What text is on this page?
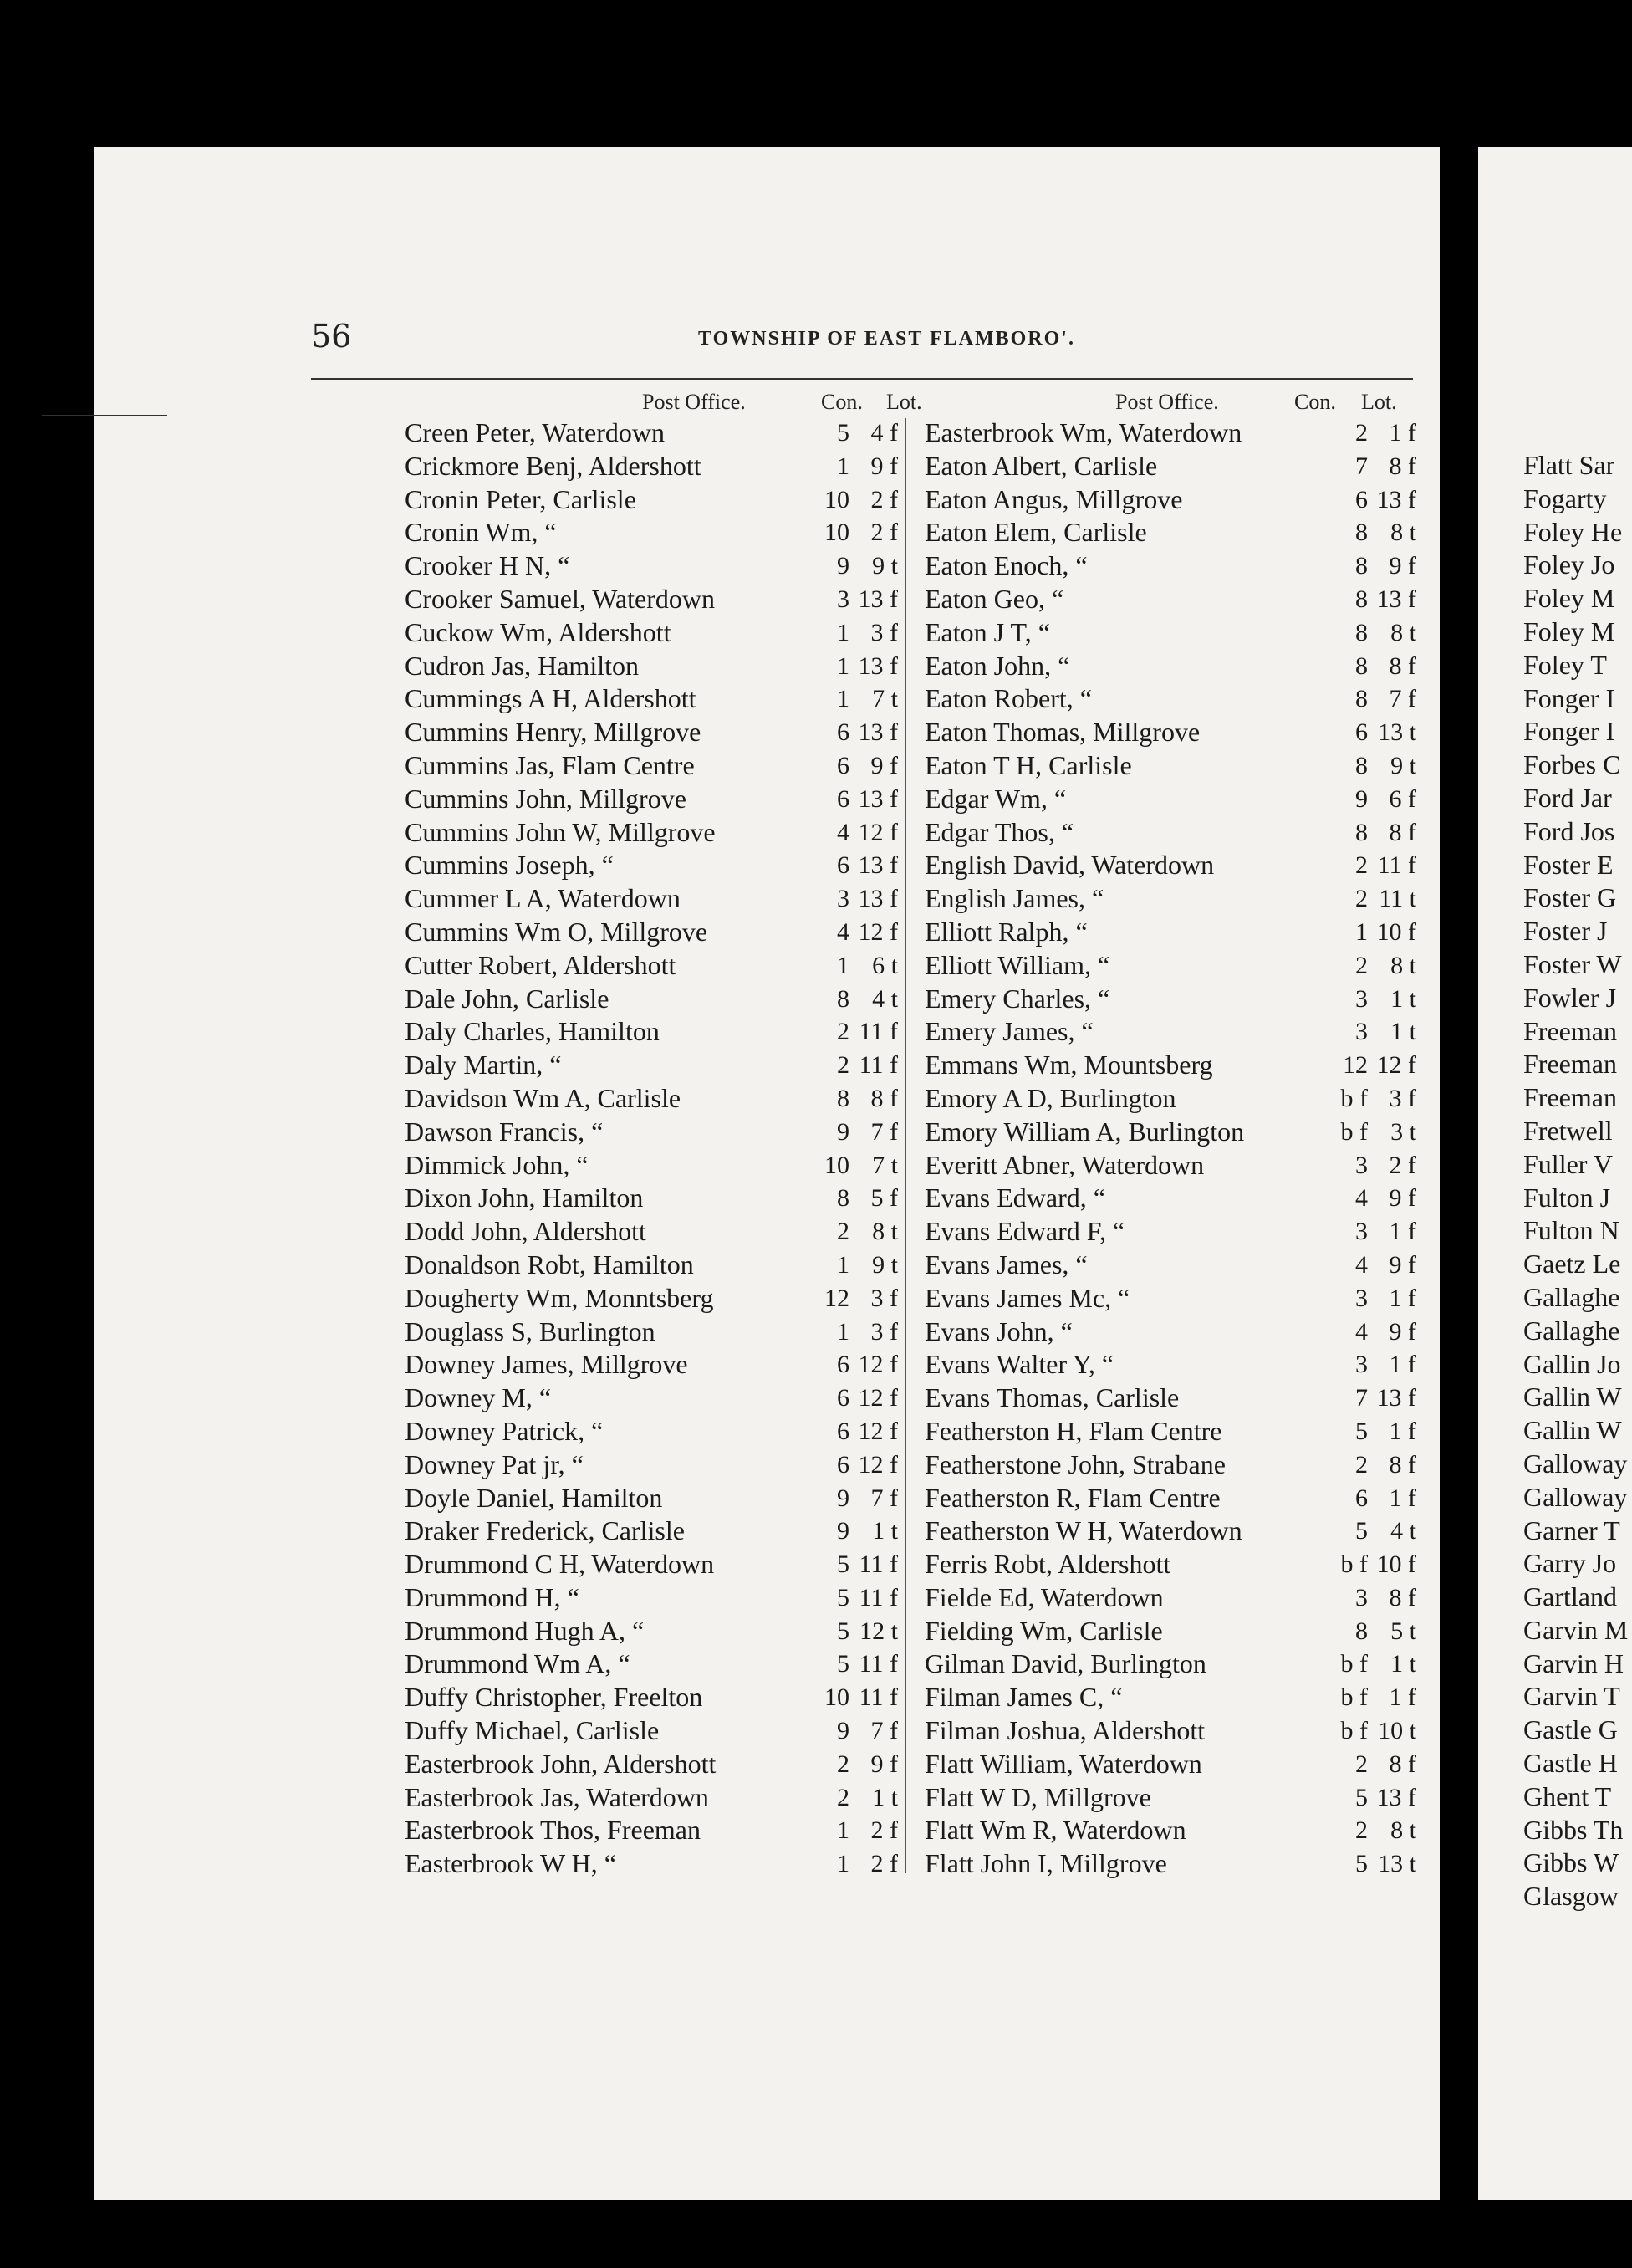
56	TOWNSHIP OF EAST FLAMBORO'.
Post Office.	Con. Lot.	Post Office.	Con. Lot.
Creen Peter, Waterdown	5 4 f
Crickmore Benj, Aldershott	1 9 f
Cronin Peter, Carlisle	10 2 f
Cronin Wm, “	10 2 f
Crooker H N, “	9 9 t
Crooker Samuel, Waterdown	3 13 f
Cuckow Wm, Aldershott	1 3 f
Cudron Jas, Hamilton	1 13 f
Cummings A H, Aldershott	1 7 t
Cummins Henry, Millgrove	6 13 f
Cummins Jas, Flam Centre	6 9 f
Cummins John, Millgrove	6 13 f
Cummins John W, Millgrove	4 12 f
Cummins Joseph, “	6 13 f
Cummer L A, Waterdown	3 13 f
Cummins Wm O, Millgrove	4 12 f
Cutter Robert, Aldershott	1 6 t
Dale John, Carlisle	8 4 t
Daly Charles, Hamilton	2 11 f
Daly Martin, “	2 11 f
Davidson Wm A, Carlisle	8 8 f
Dawson Francis, “	9 7 f
Dimmick John, “	10 7 t
Dixon John, Hamilton	8 5 f
Dodd John, Aldershott	2 8 t
Donaldson Robt, Hamilton	1 9 t
Dougherty Wm, Monntsberg	12 3 f
Douglass S, Burlington	1 3 f
Downey James, Millgrove	6 12 f
Downey M, “	6 12 f
Downey Patrick, “	6 12 f
Downey Pat jr, “	6 12 f
Doyle Daniel, Hamilton	9 7 f
Draker Frederick, Carlisle	9 1 t
Drummond C H, Waterdown	5 11 f
Drummond H, “	5 11 f
Drummond Hugh A, “	5 12 t
Drummond Wm A, “	5 11 f
Duffy Christopher, Freelton	10 11 f
Duffy Michael, Carlisle	9 7 f
Easterbrook John, Aldershott	2 9 f
Easterbrook Jas, Waterdown	2 1 t
Easterbrook Thos, Freeman	1 2 f
Easterbrook W H, “	1 2 f
Easterbrook Wm, Waterdown	2 1 f
Eaton Albert, Carlisle	7 8 f
Eaton Angus, Millgrove	6 13 f
Eaton Elem, Carlisle	8 8 t
Eaton Enoch, “	8 9 f
Eaton Geo, “	8 13 f
Eaton J T, “	8 8 t
Eaton John, “	8 8 f
Eaton Robert, “	8 7 f
Eaton Thomas, Millgrove	6 13 t
Eaton T H, Carlisle	8 9 t
Edgar Wm, “	9 6 f
Edgar Thos, “	8 8 f
English David, Waterdown	2 11 f
English James, “	2 11 t
Elliott Ralph, “	1 10 f
Elliott William, “	2 8 t
Emery Charles, “	3 1 t
Emery James, “	3 1 t
Emmans Wm, Mountsberg	12 12 f
Emory A D, Burlington	b f 3 f
Emory William A, Burlington	b f 3 t
Everitt Abner, Waterdown	3 2 f
Evans Edward, “	4 9 f
Evans Edward F, “	3 1 f
Evans James, “	4 9 f
Evans James Mc, “	3 1 f
Evans John, “	4 9 f
Evans Walter Y, “	3 1 f
Evans Thomas, Carlisle	7 13 f
Featherston H, Flam Centre	5 1 f
Featherstone John, Strabane	2 8 f
Featherston R, Flam Centre	6 1 f
Featherston W H, Waterdown	5 4 t
Ferris Robt, Aldershott	b f 10 f
Fielde Ed, Waterdown	3 8 f
Fielding Wm, Carlisle	8 5 t
Gilman David, Burlington	b f 1 t
Filman James C, “	b f 1 f
Filman Joshua, Aldershott	b f 10 t
Flatt William, Waterdown	2 8 f
Flatt W D, Millgrove	5 13 f
Flatt Wm R, Waterdown	2 8 t
Flatt John I, Millgrove	5 13 t
Flatt Sar
Fogarty
Foley He
Foley Jo
Foley M
Foley M
Foley T
Fonger I
Fonger I
Forbes C
Ford Jar
Ford Jos
Foster E
Foster G
Foster J
Foster W
Fowler J
Freeman
Freeman
Freeman
Fretwell
Fuller V
Fulton J
Fulton N
Gaetz Le
Gallaghe
Gallaghe
Gallin Jo
Gallin W
Gallin W
Galloway
Galloway
Garner T
Garry Jo
Gartland
Garvin M
Garvin H
Garvin T
Gastle G
Gastle H
Ghent T
Gibbs Th
Gibbs W
Glasgow
